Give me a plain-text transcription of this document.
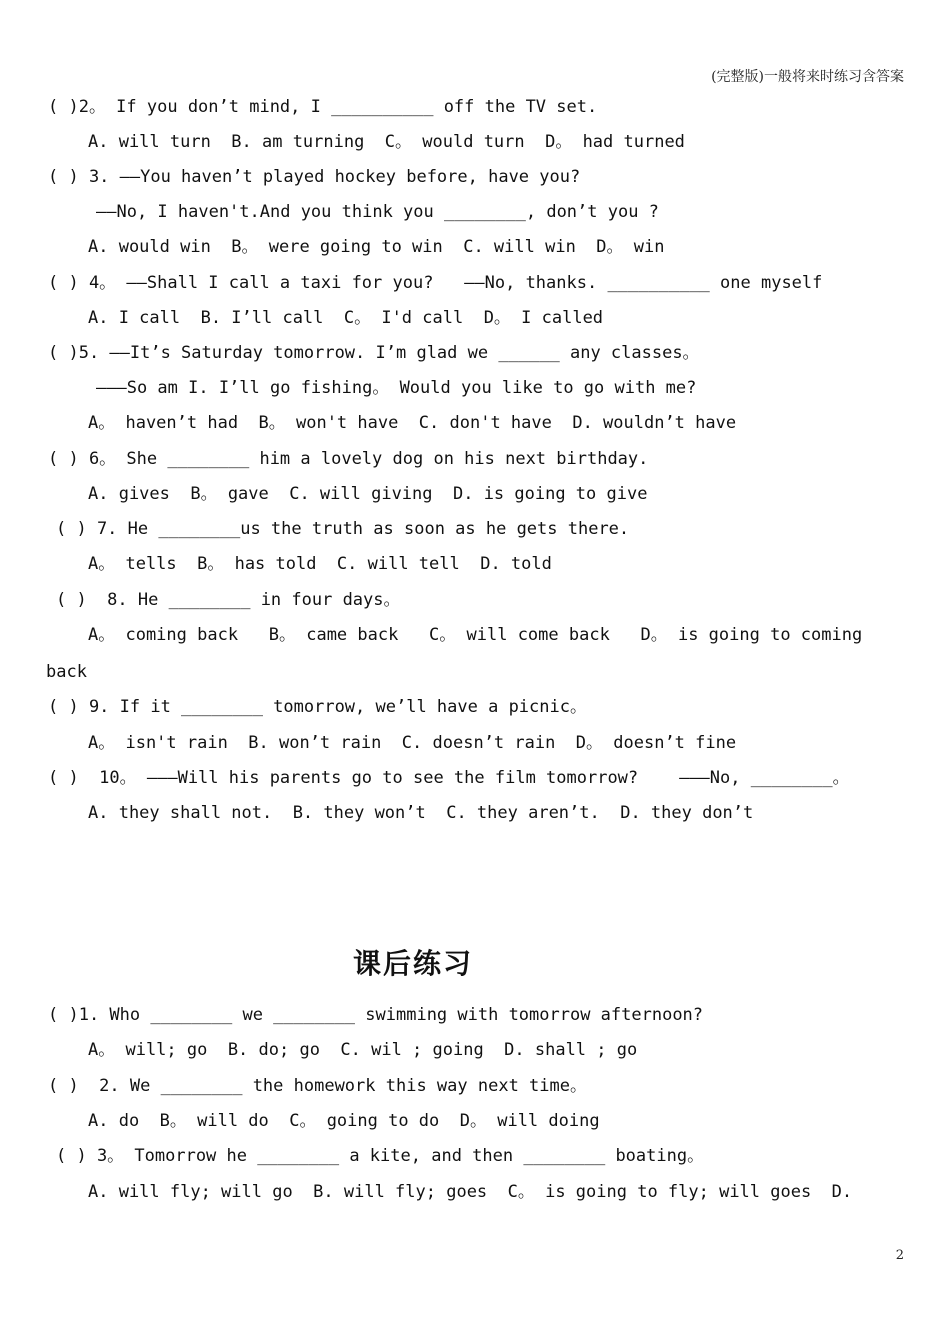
(完整版)一般将来时练习含答案
( )2。 If you don’t mind, I __________ off the TV set.
A. will turn  B. am turning  C。 would turn  D。 had turned
( ) 3. ——You haven’t played hockey before, have you?
——No, I haven't.And you think you ________, don’t you ?
A. would win  B。 were going to win  C. will win  D。 win
( ) 4。 ——Shall I call a taxi for you?   ——No, thanks. __________ one myself
A. I call  B. I’ll call  C。 I'd call  D。 I called
( )5. ——It’s Saturday tomorrow. I’m glad we ______ any classes。
———So am I. I’ll go fishing。 Would you like to go with me?
A。 haven’t had  B。 won't have  C. don't have  D. wouldn’t have
( ) 6。 She ________ him a lovely dog on his next birthday.
A. gives  B。 gave  C. will giving  D. is going to give
( ) 7. He ________us the truth as soon as he gets there.
A。 tells  B。 has told  C. will tell  D. told
( )  8. He ________ in four days。
A。 coming back   B。 came back   C。 will come back   D。 is going to coming
back
( ) 9. If it ________ tomorrow, we’ll have a picnic。
A。 isn't rain  B. won’t rain  C. doesn’t rain  D。 doesn’t fine
( )  10。 ———Will his parents go to see the film tomorrow?    ———No, ________。
A. they shall not.  B. they won’t  C. they aren’t.  D. they don’t
课后练习
( )1. Who ________ we ________ swimming with tomorrow afternoon?
A。 will; go  B. do; go  C. wil ; going  D. shall ; go
( )  2. We ________ the homework this way next time。
A. do  B。 will do  C。 going to do  D。 will doing
( ) 3。 Tomorrow he ________ a kite, and then ________ boating。
A. will fly; will go  B. will fly; goes  C。 is going to fly; will goes  D.
2
